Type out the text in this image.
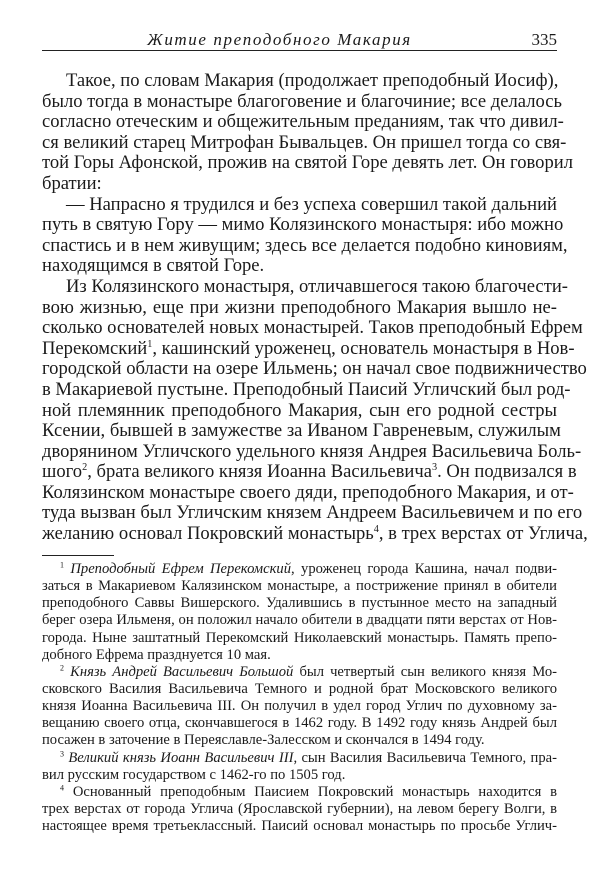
Житие преподобного Макария	335
Такое, по словам Макария (продолжает преподобный Иосиф),
было тогда в монастыре благоговение и благочиние; все делалось
согласно отеческим и общежительным преданиям, так что дивил-
ся великий старец Митрофан Бывальцев. Он пришел тогда со свя-
той Горы Афонской, прожив на святой Горе девять лет. Он говорил
братии:
— Напрасно я трудился и без успеха совершил такой дальний
путь в святую Гору — мимо Колязинского монастыря: ибо можно
спастись и в нем живущим; здесь все делается подобно киновиям,
находящимся в святой Горе.
Из Колязинского монастыря, отличавшегося такою благочести-
вою жизнью, еще при жизни преподобного Макария вышло не-
сколько основателей новых монастырей. Таков преподобный Ефрем
Перекомский$^1$, кашинский уроженец, основатель монастыря в Нов-
городской области на озере Ильмень; он начал свое подвижничество
в Макариевой пустыне. Преподобный Паисий Угличский был род-
ной племянник преподобного Макария, сын его родной сестры
Ксении, бывшей в замужестве за Иваном Гавреневым, служилым
дворянином Угличского удельного князя Андрея Васильевича Боль-
шого$^2$, брата великого князя Иоанна Васильевича$^3$. Он подвизался в
Колязинском монастыре своего дяди, преподобного Макария, и от-
туда вызван был Угличским князем Андреем Васильевичем и по его
желанию основал Покровский монастырь$^4$, в трех верстах от Углича,
$^1$ Преподобный Ефрем Перекомский, уроженец города Кашина, начал подви-
заться в Макариевом Калязинском монастыре, а пострижение принял в обители
преподобного Саввы Вишерского. Удалившись в пустынное место на западный
берег озера Ильменя, он положил начало обители в двадцати пяти верстах от Нов-
города. Ныне заштатный Перекомский Николаевский монастырь. Память препо-
добного Ефрема празднуется 10 мая.
$^2$ Князь Андрей Васильевич Большой был четвертый сын великого князя Мо-
сковского Василия Васильевича Темного и родной брат Московского великого
князя Иоанна Васильевича III. Он получил в удел город Углич по духовному за-
вещанию своего отца, скончавшегося в 1462 году. В 1492 году князь Андрей был
посажен в заточение в Переяславле-Залесском и скончался в 1494 году.
$^3$ Великий князь Иоанн Васильевич III, сын Василия Васильевича Темного, пра-
вил русским государством с 1462-го по 1505 год.
$^4$ Основанный преподобным Паисием Покровский монастырь находится в
трех верстах от города Углича (Ярославской губернии), на левом берегу Волги, в
настоящее время третьеклассный. Паисий основал монастырь по просьбе Углич-
